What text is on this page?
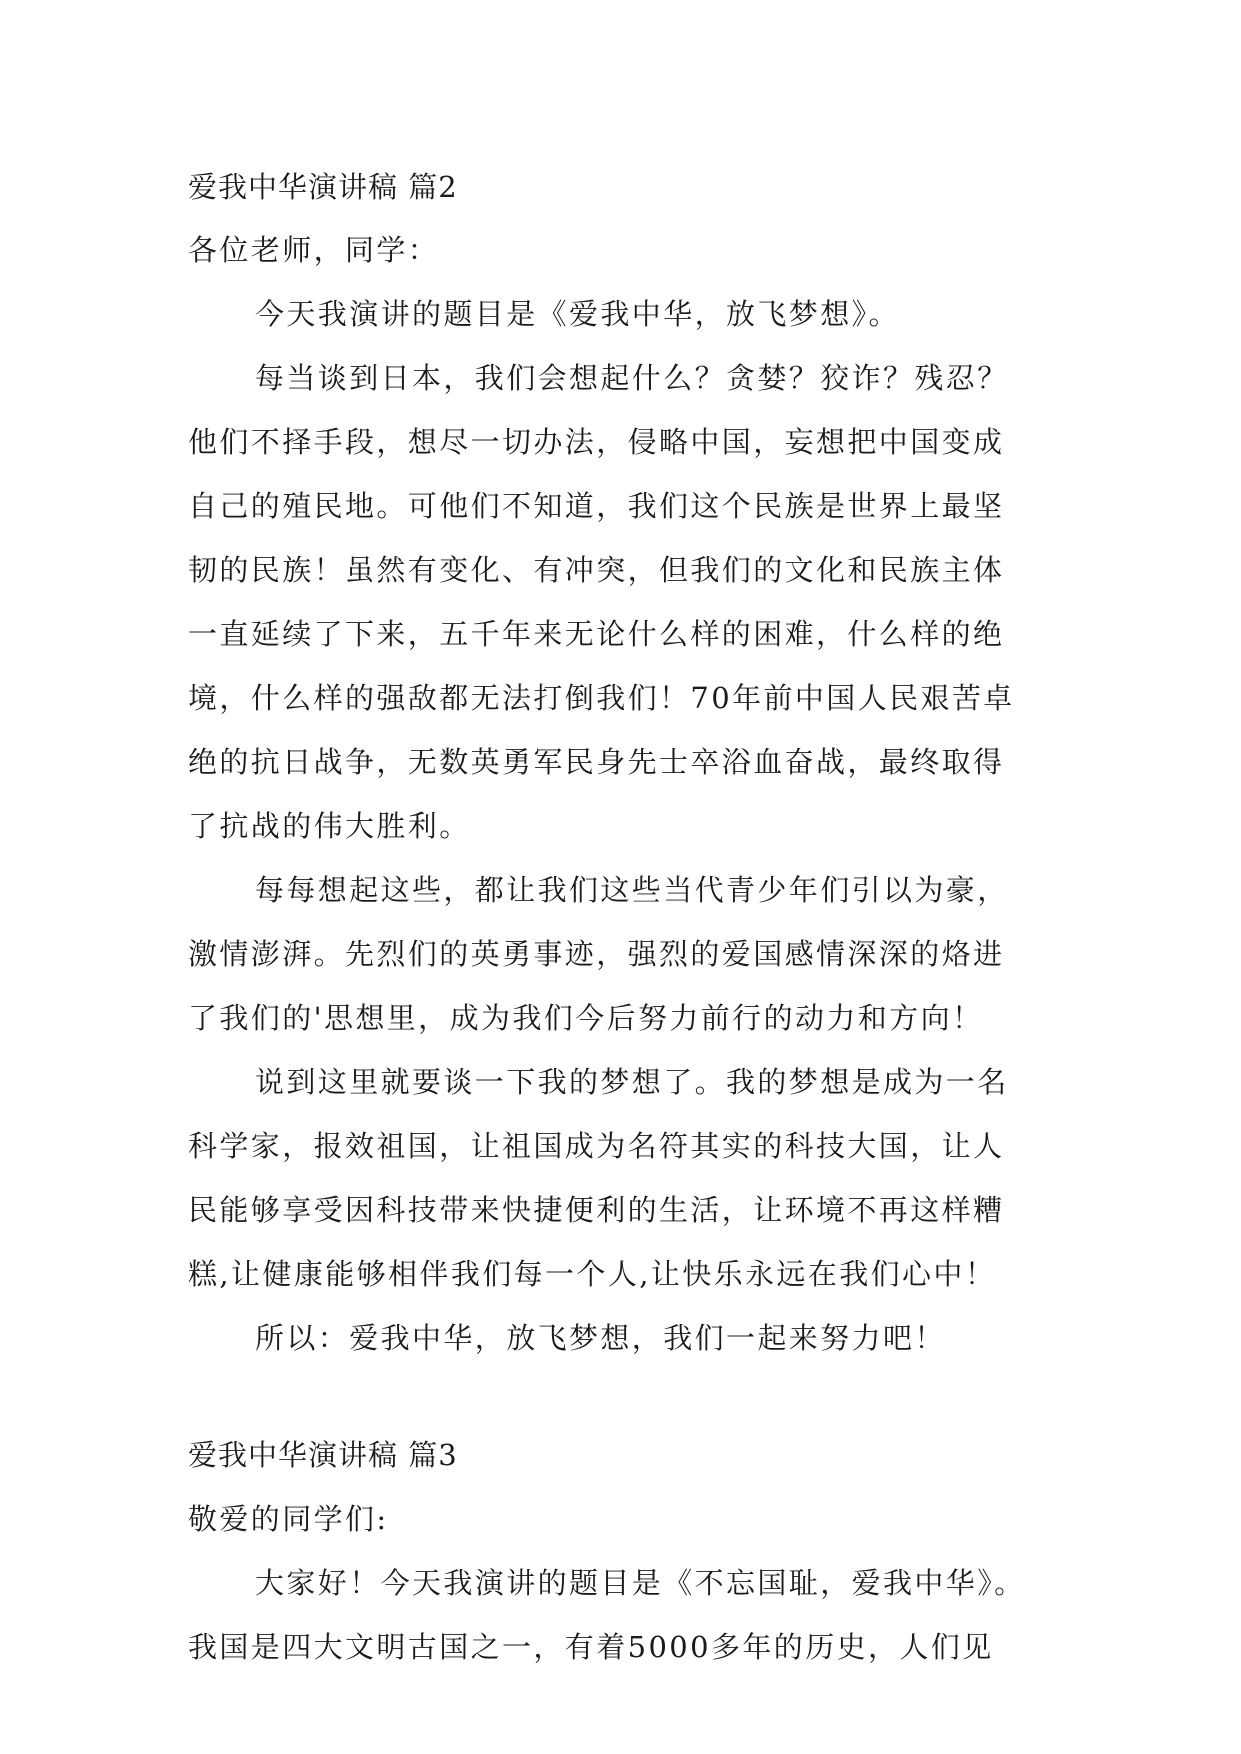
爱我中华演讲稿 篇2
各位老师，同学：
今天我演讲的题目是《爱我中华，放飞梦想》。
每当谈到日本，我们会想起什么？贪婪？狡诈？残忍？
他们不择手段，想尽一切办法，侵略中国，妄想把中国变成
自己的殖民地。可他们不知道，我们这个民族是世界上最坚
韧的民族！虽然有变化、有冲突，但我们的文化和民族主体
一直延续了下来，五千年来无论什么样的困难，什么样的绝
境，什么样的强敌都无法打倒我们！70年前中国人民艰苦卓
绝的抗日战争，无数英勇军民身先士卒浴血奋战，最终取得
了抗战的伟大胜利。
每每想起这些，都让我们这些当代青少年们引以为豪，
激情澎湃。先烈们的英勇事迹，强烈的爱国感情深深的烙进
了我们的'思想里，成为我们今后努力前行的动力和方向！
说到这里就要谈一下我的梦想了。我的梦想是成为一名
科学家，报效祖国，让祖国成为名符其实的科技大国，让人
民能够享受因科技带来快捷便利的生活，让环境不再这样糟
糕,让健康能够相伴我们每一个人,让快乐永远在我们心中！
所以：爱我中华，放飞梦想，我们一起来努力吧！
爱我中华演讲稿 篇3
敬爱的同学们:
大家好！今天我演讲的题目是《不忘国耻，爱我中华》。
我国是四大文明古国之一，有着5000多年的历史，人们见
